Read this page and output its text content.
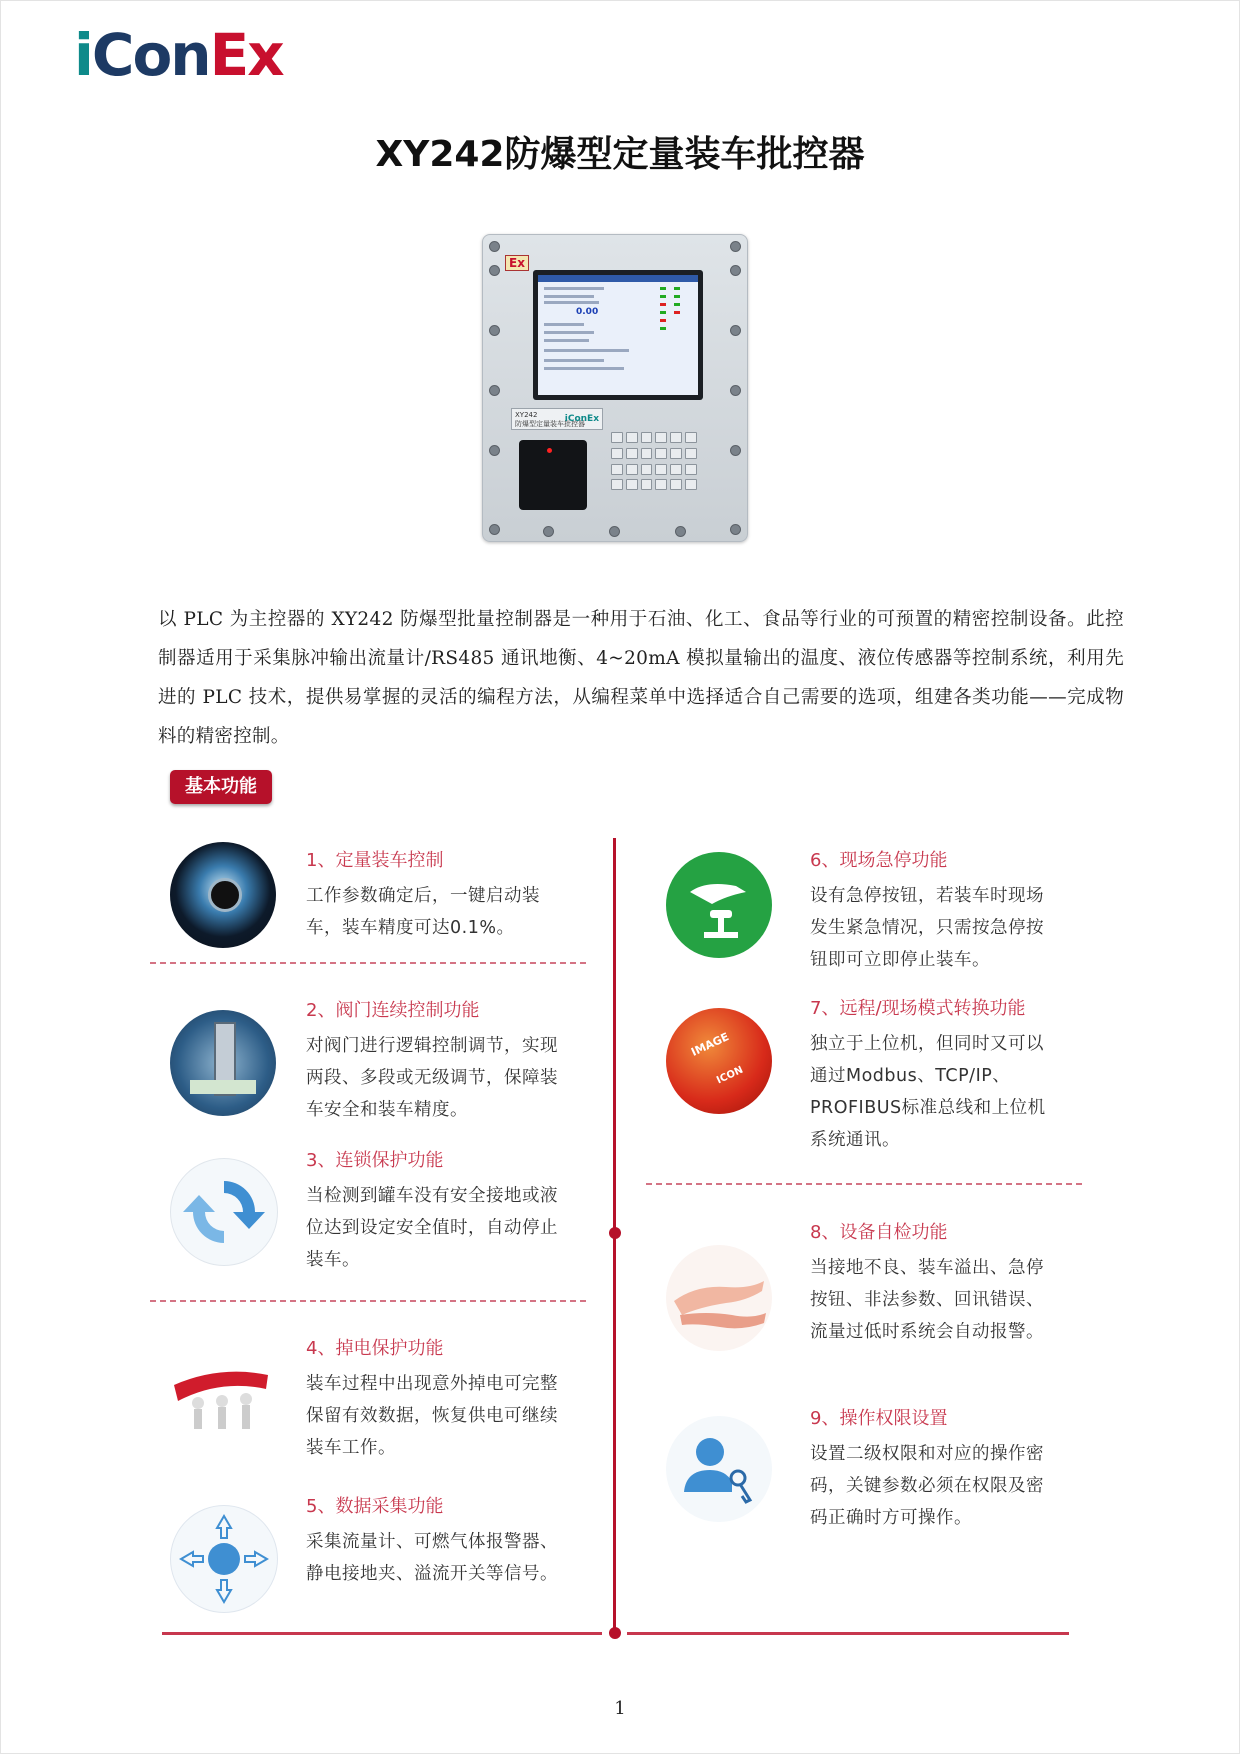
i Con Ex
XY242防爆型定量装车批控器
Ex
0.00
XY242
防爆型定量装车批控器
iConEx
以 PLC 为主控器的 XY242 防爆型批量控制器是一种用于石油、化工、食品等行业的可预置的精密控制设备。此控制器适用于采集脉冲输出流量计/RS485 通讯地衡、4~20mA 模拟量输出的温度、液位传感器等控制系统，利用先进的 PLC 技术，提供易掌握的灵活的编程方法，从编程菜单中选择适合自己需要的选项，组建各类功能——完成物料的精密控制。
基本功能
IMAGE
ICON
1、定量装车控制
工作参数确定后，一键启动装车，装车精度可达0.1%。
2、阀门连续控制功能
对阀门进行逻辑控制调节，实现两段、多段或无级调节，保障装车安全和装车精度。
3、连锁保护功能
当检测到罐车没有安全接地或液位达到设定安全值时，自动停止装车。
4、掉电保护功能
装车过程中出现意外掉电可完整保留有效数据，恢复供电可继续装车工作。
5、数据采集功能
采集流量计、可燃气体报警器、静电接地夹、溢流开关等信号。
6、现场急停功能
设有急停按钮，若装车时现场发生紧急情况，只需按急停按钮即可立即停止装车。
7、远程/现场模式转换功能
独立于上位机，但同时又可以通过Modbus、TCP/IP、PROFIBUS标准总线和上位机系统通讯。
8、设备自检功能
当接地不良、装车溢出、急停按钮、非法参数、回讯错误、流量过低时系统会自动报警。
9、操作权限设置
设置二级权限和对应的操作密码，关键参数必须在权限及密码正确时方可操作。
1
